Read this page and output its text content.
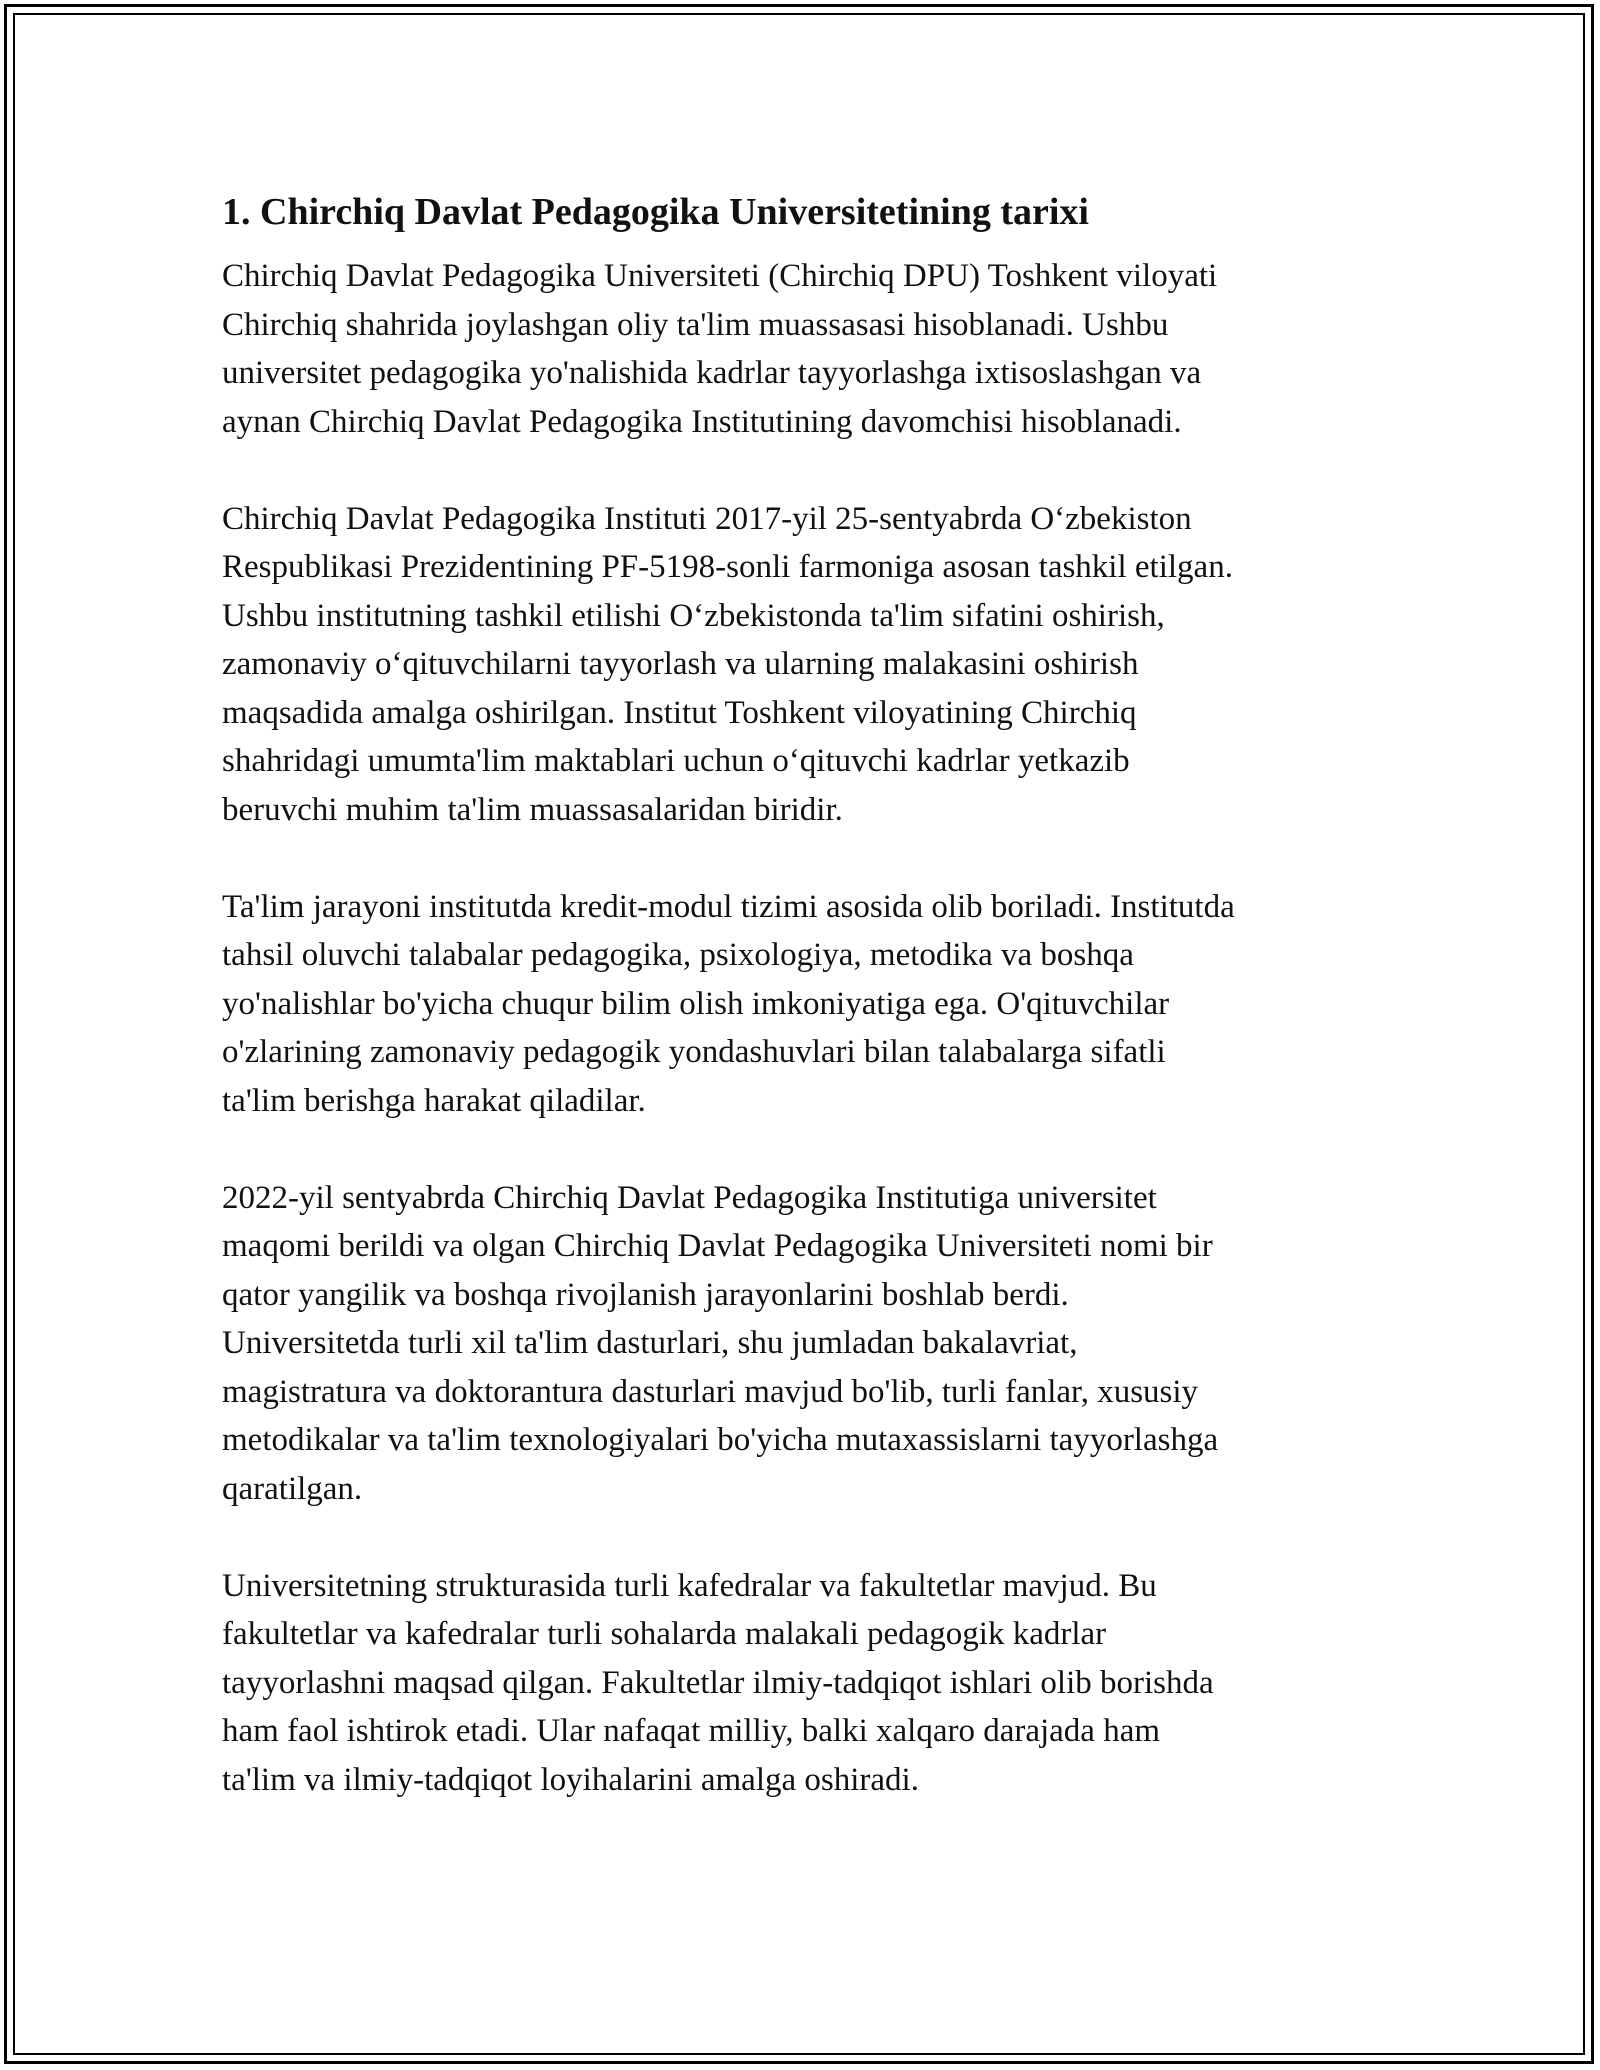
1. Chirchiq Davlat Pedagogika Universitetining tarixi

Chirchiq Davlat Pedagogika Universiteti (Chirchiq DPU) Toshkent viloyati
Chirchiq shahrida joylashgan oliy ta'lim muassasasi hisoblanadi. Ushbu
universitet pedagogika yo'nalishida kadrlar tayyorlashga ixtisoslashgan va
aynan Chirchiq Davlat Pedagogika Institutining davomchisi hisoblanadi.

Chirchiq Davlat Pedagogika Instituti 2017-yil 25-sentyabrda O‘zbekiston
Respublikasi Prezidentining PF-5198-sonli farmoniga asosan tashkil etilgan.
Ushbu institutning tashkil etilishi O‘zbekistonda ta'lim sifatini oshirish,
zamonaviy o‘qituvchilarni tayyorlash va ularning malakasini oshirish
maqsadida amalga oshirilgan. Institut Toshkent viloyatining Chirchiq
shahridagi umumta'lim maktablari uchun o‘qituvchi kadrlar yetkazib
beruvchi muhim ta'lim muassasalaridan biridir.

Ta'lim jarayoni institutda kredit-modul tizimi asosida olib boriladi. Institutda
tahsil oluvchi talabalar pedagogika, psixologiya, metodika va boshqa
yo'nalishlar bo'yicha chuqur bilim olish imkoniyatiga ega. O'qituvchilar
o'zlarining zamonaviy pedagogik yondashuvlari bilan talabalarga sifatli
ta'lim berishga harakat qiladilar.

2022-yil sentyabrda Chirchiq Davlat Pedagogika Institutiga universitet
maqomi berildi va olgan Chirchiq Davlat Pedagogika Universiteti nomi bir
qator yangilik va boshqa rivojlanish jarayonlarini boshlab berdi.
Universitetda turli xil ta'lim dasturlari, shu jumladan bakalavriat,
magistratura va doktorantura dasturlari mavjud bo'lib, turli fanlar, xususiy
metodikalar va ta'lim texnologiyalari bo'yicha mutaxassislarni tayyorlashga
qaratilgan.

Universitetning strukturasida turli kafedralar va fakultetlar mavjud. Bu
fakultetlar va kafedralar turli sohalarda malakali pedagogik kadrlar
tayyorlashni maqsad qilgan. Fakultetlar ilmiy-tadqiqot ishlari olib borishda
ham faol ishtirok etadi. Ular nafaqat milliy, balki xalqaro darajada ham
ta'lim va ilmiy-tadqiqot loyihalarini amalga oshiradi.
